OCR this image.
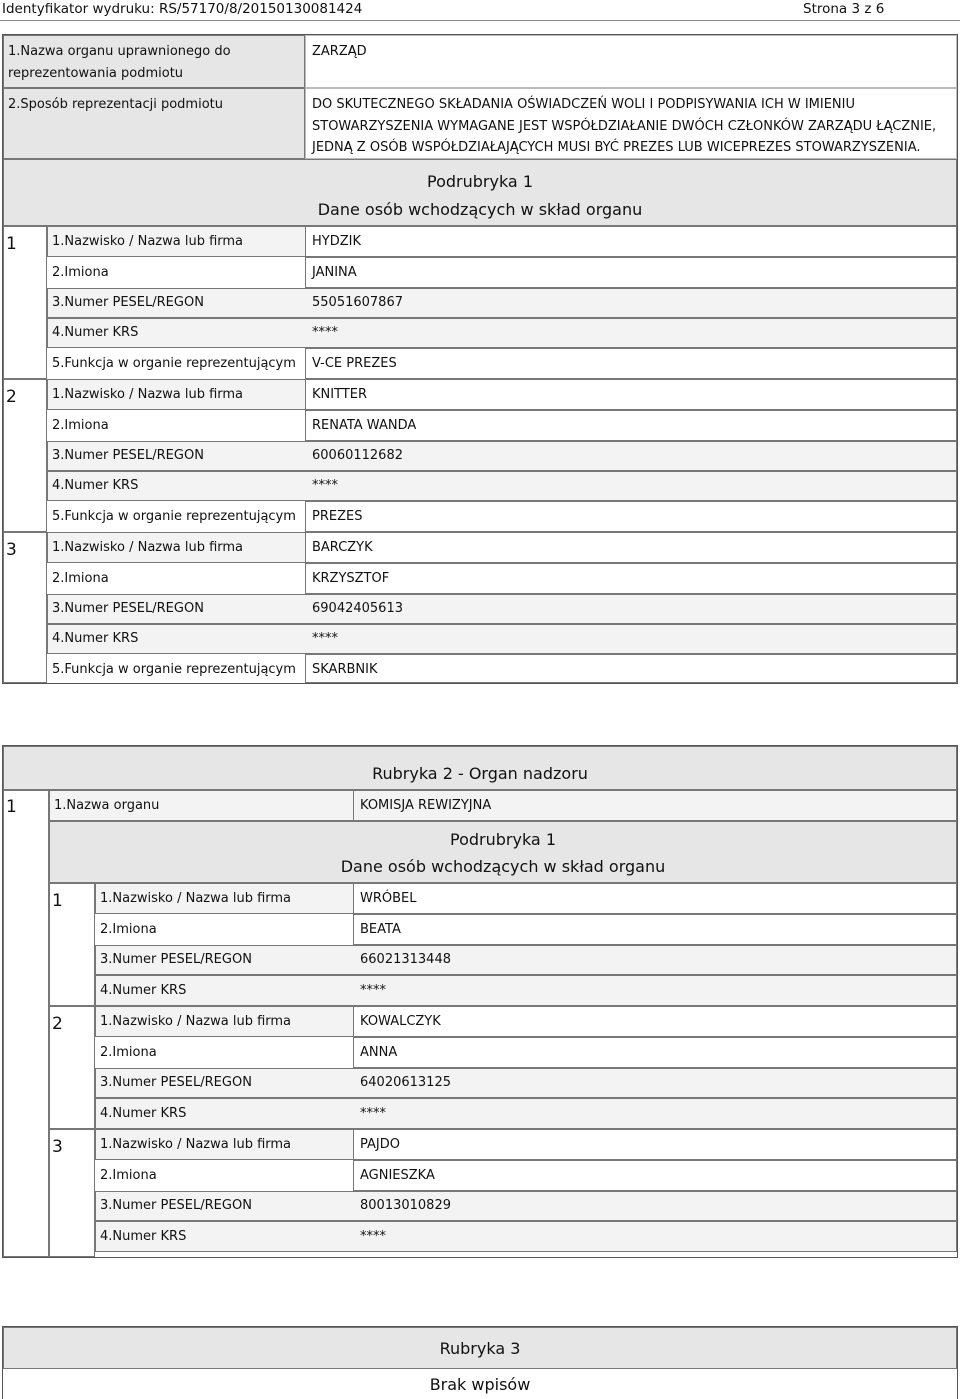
Identyfikator wydruku: RS/57170/8/20150130081424	Strona 3 z 6
1.Nazwa organu uprawnionego do
reprezentowania podmiotu
ZARZĄD
2.Sposób reprezentacji podmiotu	DO SKUTECZNEGO SKŁADANIA OŚWIADCZEŃ WOLI I PODPISYWANIA ICH W IMIENIU
STOWARZYSZENIA WYMAGANE JEST WSPÓŁDZIAŁANIE DWÓCH CZŁONKÓW ZARZĄDU ŁĄCZNIE,
JEDNĄ Z OSÓB WSPÓŁDZIAŁAJĄCYCH MUSI BYĆ PREZES LUB WICEPREZES STOWARZYSZENIA.
Podrubryka 1
Dane osób wchodzących w skład organu
1	1.Nazwisko / Nazwa lub firma	HYDZIK
2.Imiona	JANINA
3.Numer PESEL/REGON	55051607867
4.Numer KRS	****
5.Funkcja w organie reprezentującym V-CE PREZES
2	1.Nazwisko / Nazwa lub firma	KNITTER
2.Imiona	RENATA WANDA
3.Numer PESEL/REGON	60060112682
4.Numer KRS	****
5.Funkcja w organie reprezentującym PREZES
3	1.Nazwisko / Nazwa lub firma	BARCZYK
2.Imiona	KRZYSZTOF
3.Numer PESEL/REGON	69042405613
4.Numer KRS	****
5.Funkcja w organie reprezentującym SKARBNIK
Rubryka 2 - Organ nadzoru
1	1.Nazwa organu	KOMISJA REWIZYJNA
Podrubryka 1
Dane osób wchodzących w skład organu
1	1.Nazwisko / Nazwa lub firma	WRÓBEL
2.Imiona	BEATA
3.Numer PESEL/REGON	66021313448
4.Numer KRS	****
2	1.Nazwisko / Nazwa lub firma	KOWALCZYK
2.Imiona	ANNA
3.Numer PESEL/REGON	64020613125
4.Numer KRS	****
3	1.Nazwisko / Nazwa lub firma	PAJDO
2.Imiona	AGNIESZKA
3.Numer PESEL/REGON	80013010829
4.Numer KRS	****
Rubryka 3
Brak wpisów
